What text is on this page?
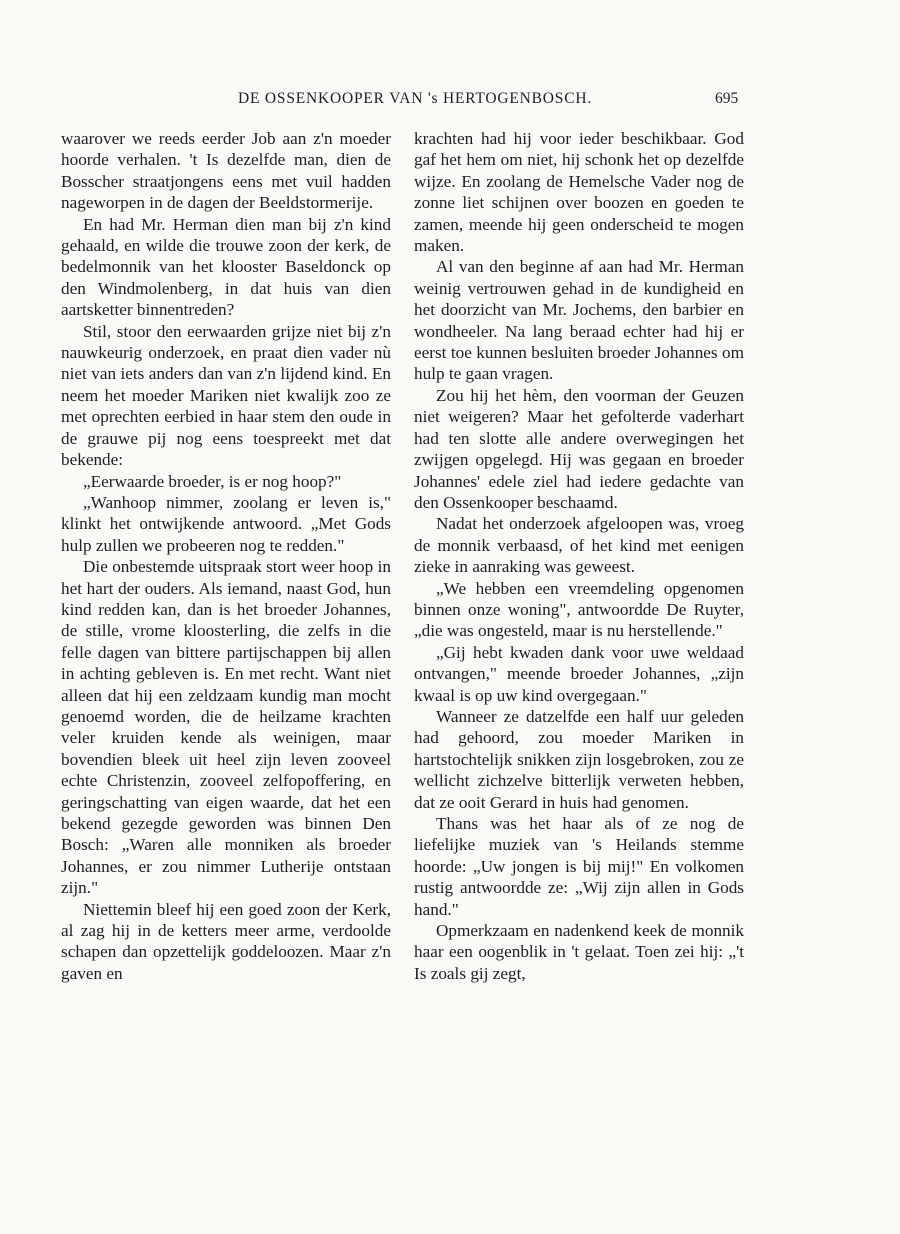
DE OSSENKOOPER VAN 's HERTOGENBOSCH.	695

waarover we reeds eerder Job aan z'n moeder hoorde verhalen. 't Is dezelfde man, dien de Bosscher straatjongens eens met vuil hadden nageworpen in de dagen der Beeldstormerije.

En had Mr. Herman dien man bij z'n kind gehaald, en wilde die trouwe zoon der kerk, de bedelmonnik van het klooster Baseldonck op den Windmolenberg, in dat huis van dien aartsketter binnentreden?

Stil, stoor den eerwaarden grijze niet bij z'n nauwkeurig onderzoek, en praat dien vader nù niet van iets anders dan van z'n lijdend kind. En neem het moeder Mariken niet kwalijk zoo ze met oprechten eerbied in haar stem den oude in de grauwe pij nog eens toespreekt met dat bekende:

„Eerwaarde broeder, is er nog hoop?"

„Wanhoop nimmer, zoolang er leven is," klinkt het ontwijkende antwoord. „Met Gods hulp zullen we probeeren nog te redden."

Die onbestemde uitspraak stort weer hoop in het hart der ouders. Als iemand, naast God, hun kind redden kan, dan is het broeder Johannes, de stille, vrome kloosterling, die zelfs in die felle dagen van bittere partijschappen bij allen in achting gebleven is. En met recht. Want niet alleen dat hij een zeldzaam kundig man mocht genoemd worden, die de heilzame krachten veler kruiden kende als weinigen, maar bovendien bleek uit heel zijn leven zooveel echte Christenzin, zooveel zelfopoffering, en geringschatting van eigen waarde, dat het een bekend gezegde geworden was binnen Den Bosch: „Waren alle monniken als broeder Johannes, er zou nimmer Lutherije ontstaan zijn."

Niettemin bleef hij een goed zoon der Kerk, al zag hij in de ketters meer arme, verdoolde schapen dan opzettelijk goddeloozen. Maar z'n gaven en

krachten had hij voor ieder beschikbaar. God gaf het hem om niet, hij schonk het op dezelfde wijze. En zoolang de Hemelsche Vader nog de zonne liet schijnen over boozen en goeden te zamen, meende hij geen onderscheid te mogen maken.

Al van den beginne af aan had Mr. Herman weinig vertrouwen gehad in de kundigheid en het doorzicht van Mr. Jochems, den barbier en wondheeler. Na lang beraad echter had hij er eerst toe kunnen besluiten broeder Johannes om hulp te gaan vragen.

Zou hij het hèm, den voorman der Geuzen niet weigeren? Maar het gefolterde vaderhart had ten slotte alle andere overwegingen het zwijgen opgelegd. Hij was gegaan en broeder Johannes' edele ziel had iedere gedachte van den Ossenkooper beschaamd.

Nadat het onderzoek afgeloopen was, vroeg de monnik verbaasd, of het kind met eenigen zieke in aanraking was geweest.

„We hebben een vreemdeling opgenomen binnen onze woning", antwoordde De Ruyter, „die was ongesteld, maar is nu herstellende."

„Gij hebt kwaden dank voor uwe weldaad ontvangen," meende broeder Johannes, „zijn kwaal is op uw kind overgegaan."

Wanneer ze datzelfde een half uur geleden had gehoord, zou moeder Mariken in hartstochtelijk snikken zijn losgebroken, zou ze wellicht zichzelve bitterlijk verweten hebben, dat ze ooit Gerard in huis had genomen.

Thans was het haar als of ze nog de liefelijke muziek van 's Heilands stemme hoorde: „Uw jongen is bij mij!" En volkomen rustig antwoordde ze: „Wij zijn allen in Gods hand."

Opmerkzaam en nadenkend keek de monnik haar een oogenblik in 't gelaat. Toen zei hij: „'t Is zoals gij zegt,
